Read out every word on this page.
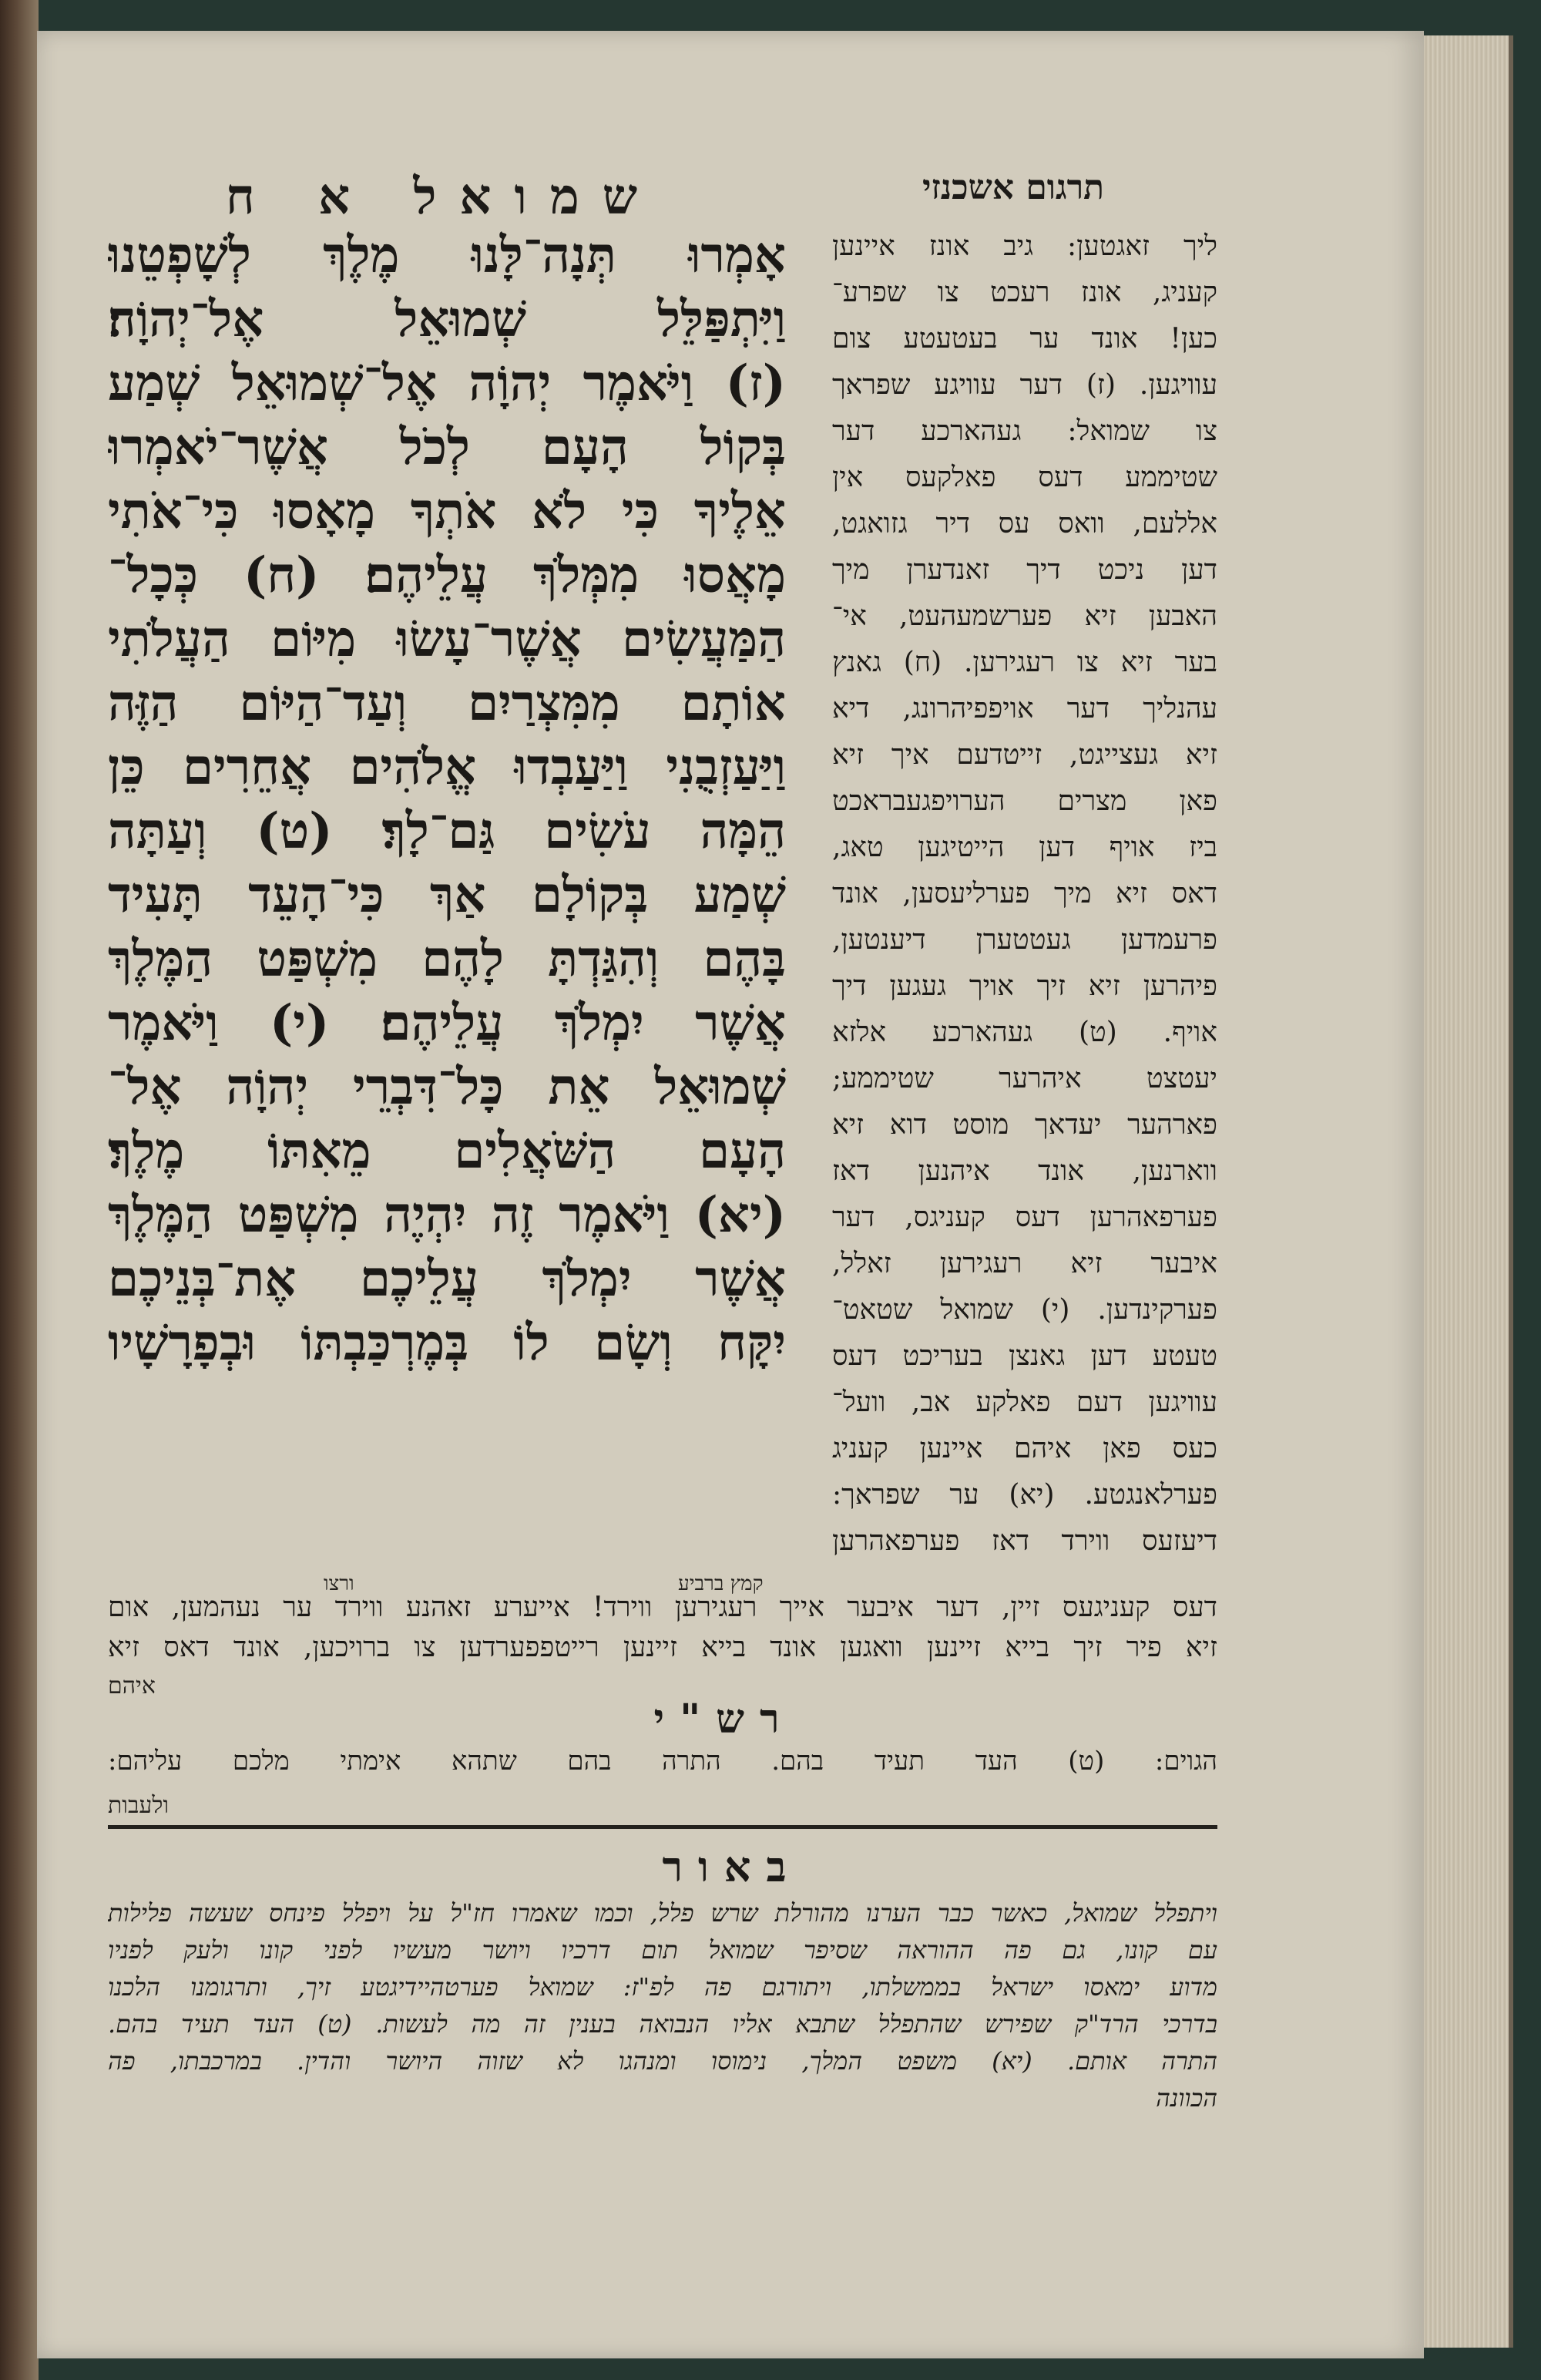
שמואל א ח	תרגום אשכנזי
אָמְרוּ תְּנָה־לָּנוּ מֶלֶךְ לְשָׁפְטֵנוּ
וַיִּתְפַּלֵּל שְׁמוּאֵל אֶל־יְהוָֹה׃
(ז) וַיֹּאמֶר יְהוָֹה אֶל־שְׁמוּאֵל שְׁמַע
בְּקוֹל הָעָם לְכֹל אֲשֶׁר־יֹאמְרוּ
אֵלֶיךָ כִּי לֹא אֹתְךָ מָאָסוּ כִּי־אֹתִי
מָאֲסוּ מִמְּלֹךְ עֲלֵיהֶם׃ (ח) כְּכָל־
הַמַּעֲשִׂים אֲשֶׁר־עָשׂוּ מִיּוֹם הַעֲלֹתִי
אוֹתָם מִמִּצְרַיִם וְעַד־הַיּוֹם הַזֶּה
וַיַּעַזְבֻנִי וַיַּעַבְדוּ אֱלֹהִים אֲחֵרִים כֵּן
הֵמָּה עֹשִׂים גַּם־לָךְ׃ (ט) וְעַתָּה
שְׁמַע בְּקוֹלָם אַךְ כִּי־הָעֵד תָּעִיד
בָּהֶם וְהִגַּדְתָּ לָהֶם מִשְׁפַּט הַמֶּלֶךְ
אֲשֶׁר יִמְלֹךְ עֲלֵיהֶם׃ (י) וַיֹּאמֶר
שְׁמוּאֵל אֵת כָּל־דִּבְרֵי יְהוָֹה אֶל־
הָעָם הַשֹּׁאֲלִים מֵאִתּוֹ מֶלֶךְ׃
(יא) וַיֹּאמֶר זֶה יִהְיֶה מִשְׁפַּט הַמֶּלֶךְ
אֲשֶׁר יִמְלֹךְ עֲלֵיכֶם אֶת־בְּנֵיכֶם
יִקָּח וְשָׂם לוֹ בְּמֶרְכַּבְתּוֹ וּבְפָרָשָׁיו
ליך זאגטען: גיב אונז איינען
קעניג, אונז רעכט צו שפרע־
כען! אונד ער בעטעטע צום
עוויגען. (ז) דער עוויגע שפראך
צו שמואל: געהארכע דער
שטיממע דעס פאלקעס אין
אללעם, וואס עס דיר גזואגט,
דען ניכט דיך זאנדערן מיך
האבען זיא פערשמעהעט, אי־
בער זיא צו רעגירען. (ח) גאנץ
עהנליך דער אויפפיהרונג, דיא
זיא געצייגט, זייטדעם איך זיא
פאן מצרים הערויפגעבראכט
ביז אויף דען הייטיגען טאג,
דאס זיא מיך פערליעסען, אונד
פרעמדען געטטערן דיענטען,
פיהרען זיא זיך אויך געגען דיך
אויף. (ט) געהארכע אלזא
יעטצט איהרער שטיממע;
פארהער יעדאך מוסט דוא זיא
ווארנען, אונד איהנען דאז
פערפאהרען דעס קעניגס, דער
איבער זיא רעגירען זאלל,
פערקינדען. (י) שמואל שטאט־
טעטע דען גאנצן בעריכט דעס
עוויגען דעם פאלקע אב, וועל־
כעס פאן איהם איינען קעניג
פערלאנגטע. (יא) ער שפראך:
דיעזעס ווירד דאז פערפאהרען
קמץ ברביע
ורצו
דעס קעניגעס זיין, דער איבער אייך רעגירען ווירד! אייערע זאהנע ווירד ער נעהמען, אום
זיא פיר זיך בייא זיינען וואגען אונד בייא זיינען רייטפפערדען צו ברויכען, אונד דאס זיא
איהם
רש"י
הגוים: (ט) העד תעיד בהם. התרה בהם שתהא אימתי מלכם עליהם:
ולעבות
באור
ויתפלל שמואל, כאשר כבר הערנו מהורלת שרש פלל, וכמו שאמרו חז"ל על ויפלל פינחס שעשה פלילות
עם קונו, גם פה ההוראה שסיפר שמואל תום דרכיו ויושר מעשיו לפני קונו ולעק לפניו
מדוע ימאסו ישראל בממשלתו, ויתורגם פה לפ"ז: שמואל פערטהיידיגטע זיך, ותרגומנו הלכנו
בדרכי הרד"ק שפירש שהתפלל שתבא אליו הנבואה בענין זה מה לעשות. (ט) העד תעיד בהם.
התרה אותם. (יא) משפט המלך, נימוסו ומנהגו לא שזוה היושר והדין. במרכבתו, פה
הכוונה
